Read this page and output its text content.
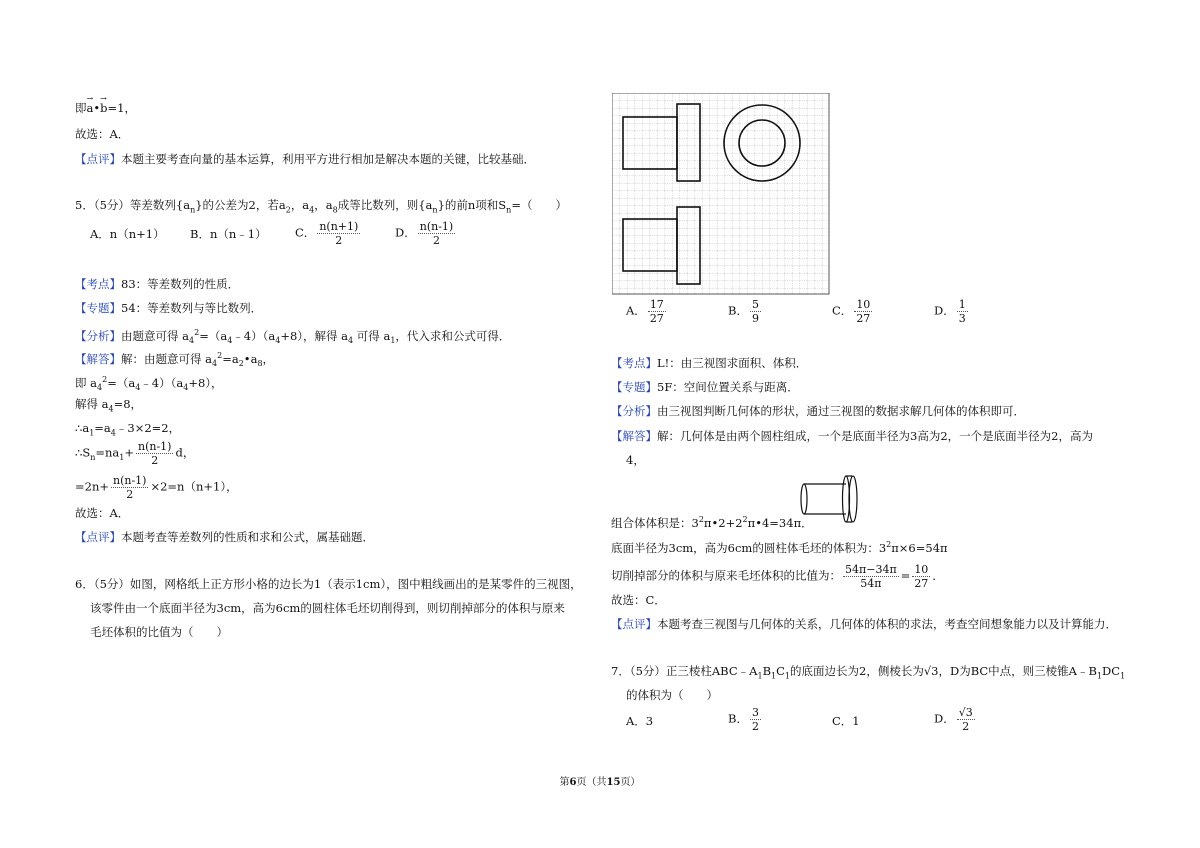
即→ a•→ b=1，
故选：A．
【点评】本题主要考查向量的基本运算，利用平方进行相加是解决本题的关键，比较基础．
5．（5分）等差数列$\{a_n\}$的公差为2，若$a_2$，$a_4$，$a_8$成等比数列，则$\{a_n\}$的前n项和$S_n=$（　　）
A．n（n+1） B．n（n﹣1） C． $\frac{n(n+1)}{2}$	D． $\frac{n(n-1)}{2}$
【考点】83：等差数列的性质．
【专题】54：等差数列与等比数列．
【分析】由题意可得 $a_4^2=(a_4﹣4)(a_4+8)$，解得 $a_4$ 可得 $a_1$，代入求和公式可得．
【解答】解：由题意可得 $a_4^2=a_2•a_8$，
即 $a_4^2=(a_4﹣4)(a_4+8)$，
解得 $a_4=8$，
$\therefore a_1=a_4﹣3\times 2=2$，
$\therefore S_n=na_1+ \frac{n(n-1)}{2}$ d，
$=2n+ \frac{n(n-1)}{2} \times 2=n(n+1)$，
故选：A．
【点评】本题考查等差数列的性质和求和公式，属基础题．
6．（5分）如图，网格纸上正方形小格的边长为1（表示1cm），图中粗线画出的是某零件的三视图，
该零件由一个底面半径为3cm，高为6cm的圆柱体毛坯切削得到，则切削掉部分的体积与原来
毛坯体积的比值为（　　）
A． $\frac{17}{27}$	B． $\frac{5}{9}$	C． $\frac{10}{27}$	D． $\frac{1}{3}$
【考点】L!：由三视图求面积、体积．
【专题】5F：空间位置关系与距离．
【分析】由三视图判断几何体的形状，通过三视图的数据求解几何体的体积即可．
【解答】解：几何体是由两个圆柱组成，一个是底面半径为3高为2，一个是底面半径为2，高为
4，
组合体体积是：$3^2\pi•2+2^2\pi•4=34\pi$．
底面半径为3cm，高为6cm的圆柱体毛坯的体积为：$3^2\pi\times 6=54\pi$
切削掉部分的体积与原来毛坯体积的比值为： $\frac{54\pi-34\pi}{54\pi} = \frac{10}{27}$ ．
故选：C．
【点评】本题考查三视图与几何体的关系，几何体的体积的求法，考查空间想象能力以及计算能力．
7．（5分）正三棱柱$ABC﹣A_1B_1C_1$的底面边长为2，侧棱长为√3，D为BC中点，则三棱锥$A﹣B_1DC_1$
的体积为（　　）
A．3	B． $\frac{3}{2}$	C．1	D． $\frac{√3}{2}$
第6页（共15页）
